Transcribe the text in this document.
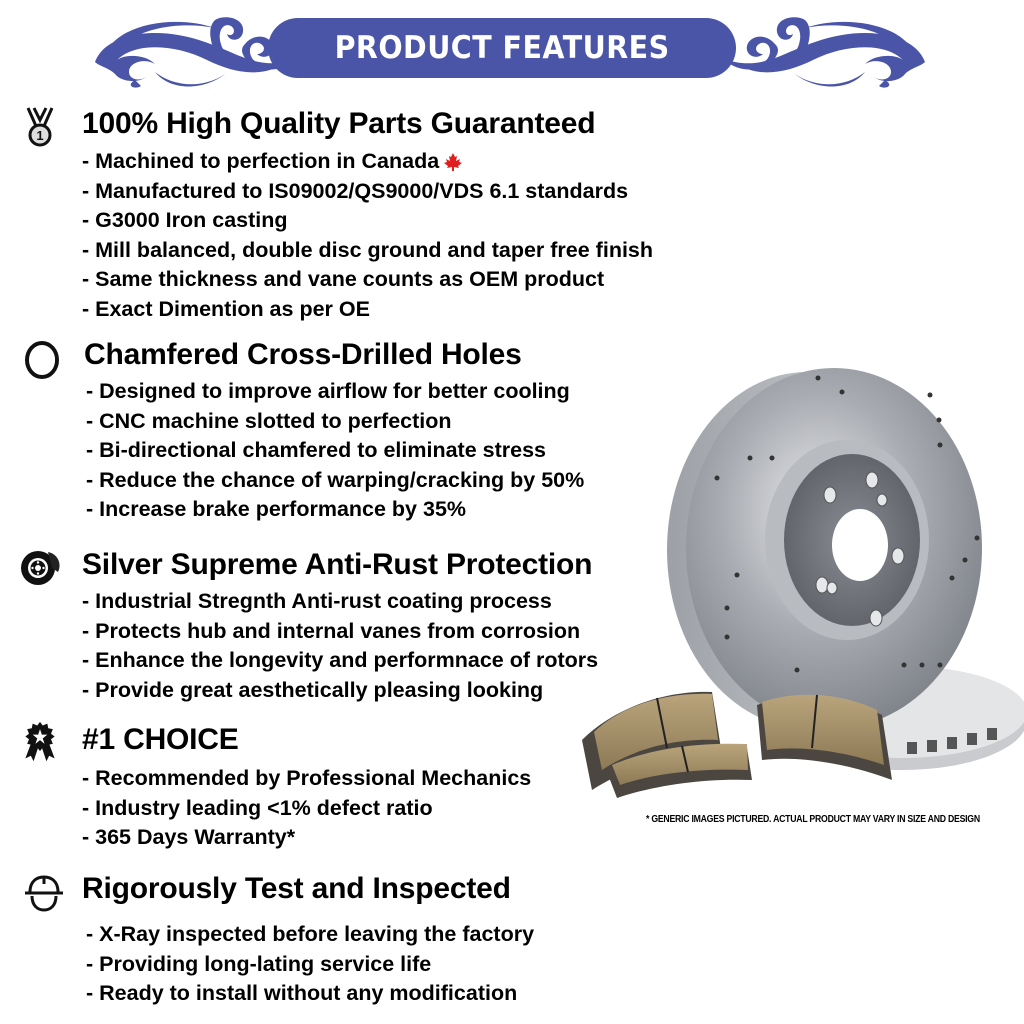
PRODUCT FEATURES
1 100% High Quality Parts Guaranteed
- Machined to perfection in Canada
- Manufactured to IS09002/QS9000/VDS 6.1 standards
- G3000 Iron casting
- Mill balanced, double disc ground and taper free finish
- Same thickness and vane counts as OEM product
- Exact Dimention as per OE
Chamfered Cross-Drilled Holes
- Designed to improve airflow for better cooling
- CNC machine slotted to perfection
- Bi-directional chamfered to eliminate stress
- Reduce the chance of warping/cracking by 50%
- Increase brake performance by 35%
Silver Supreme Anti-Rust Protection
- Industrial Stregnth Anti-rust coating process
- Protects hub and internal vanes from corrosion
- Enhance the longevity and performnace of rotors
- Provide great aesthetically pleasing looking
#1 CHOICE
- Recommended by Professional Mechanics
- Industry leading <1% defect ratio
- 365 Days Warranty*
Rigorously Test and Inspected
- X-Ray inspected before leaving the factory
- Providing long-lating service life
- Ready to install without any modification
* GENERIC IMAGES PICTURED. ACTUAL PRODUCT MAY VARY IN SIZE AND DESIGN
